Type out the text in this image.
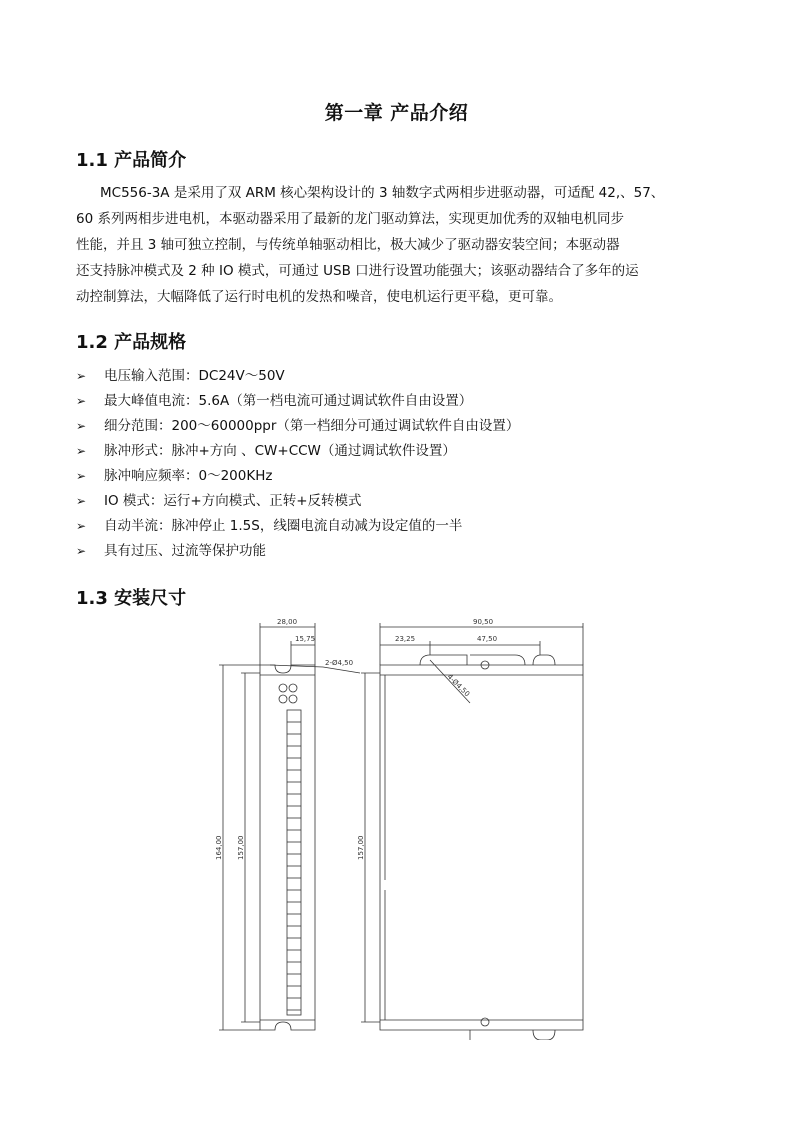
第一章 产品介绍
1.1 产品简介
MC556-3A 是采用了双 ARM 核心架构设计的 3 轴数字式两相步进驱动器，可适配 42,、57、
60 系列两相步进电机，本驱动器采用了最新的龙门驱动算法，实现更加优秀的双轴电机同步
性能，并且 3 轴可独立控制，与传统单轴驱动相比，极大减少了驱动器安装空间；本驱动器
还支持脉冲模式及 2 种 IO 模式，可通过 USB 口进行设置功能强大；该驱动器结合了多年的运
动控制算法，大幅降低了运行时电机的发热和噪音，使电机运行更平稳，更可靠。
1.2 产品规格
➢ 电压输入范围：DC24V～50V
➢ 最大峰值电流：5.6A（第一档电流可通过调试软件自由设置）
➢ 细分范围：200～60000ppr（第一档细分可通过调试软件自由设置）
➢ 脉冲形式：脉冲+方向 、CW+CCW（通过调试软件设置）
➢ 脉冲响应频率：0～200KHz
➢ IO 模式：运行+方向模式、正转+反转模式
➢ 自动半流：脉冲停止 1.5S，线圈电流自动减为设定值的一半
➢ 具有过压、过流等保护功能
1.3 安装尺寸
28,00
15,75
2-Ø4,50
164,00 157,00
90,50
23,25	47,50
4-Ø4,50
157,00
